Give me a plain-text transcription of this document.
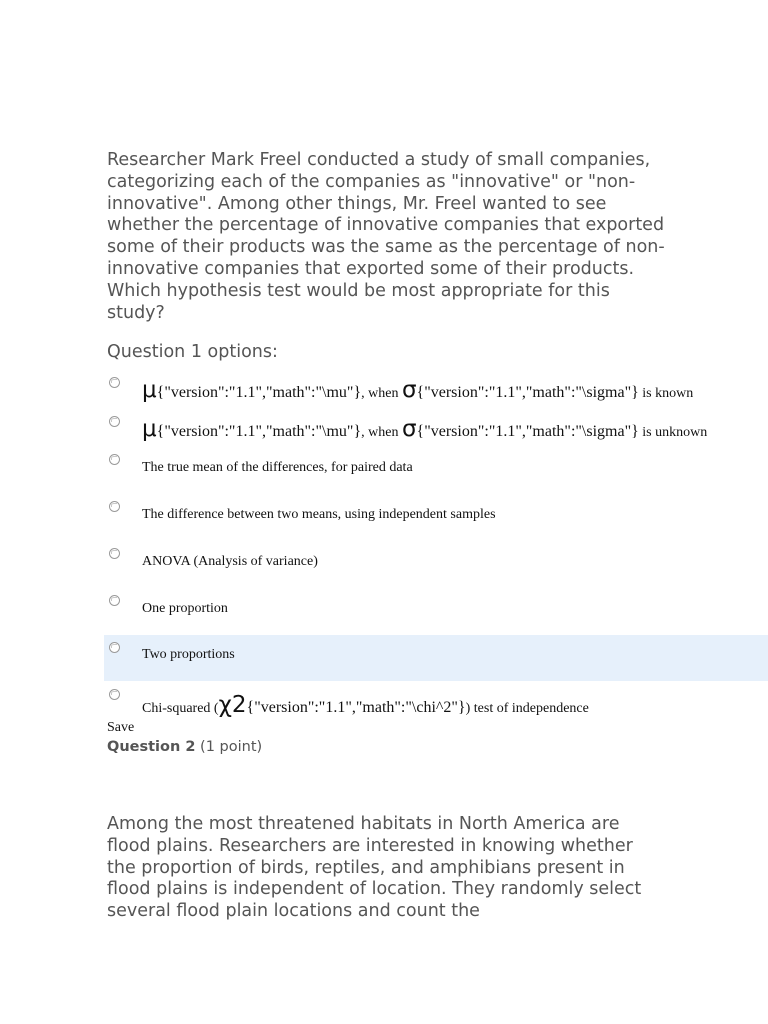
Researcher Mark Freel conducted a study of small companies, categorizing each of the companies as "innovative" or "non-innovative". Among other things, Mr. Freel wanted to see whether the percentage of innovative companies that exported some of their products was the same as the percentage of non-innovative companies that exported some of their products. Which hypothesis test would be most appropriate for this study?

Question 1 options:

μ{"version":"1.1","math":"\mu"}, when σ{"version":"1.1","math":"\sigma"} is known
μ{"version":"1.1","math":"\mu"}, when σ{"version":"1.1","math":"\sigma"} is unknown
The true mean of the differences, for paired data
The difference between two means, using independent samples
ANOVA (Analysis of variance)
One proportion
Two proportions
Chi-squared (χ2{"version":"1.1","math":"\chi^2"}) test of independence
Save

Question 2 (1 point)

Among the most threatened habitats in North America are flood plains. Researchers are interested in knowing whether the proportion of birds, reptiles, and amphibians present in flood plains is independent of location. They randomly select several flood plain locations and count the
